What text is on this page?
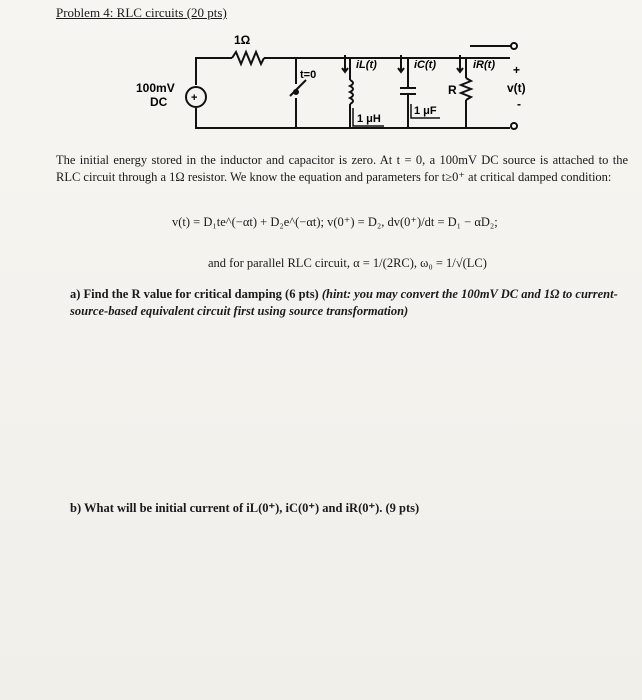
Problem 4: RLC circuits (20 pts)
+
1Ω
100mV
DC
t=0
iL(t)	iC(t)	iR(t)
R
+
-
v(t)
1 μH
1 μF
The initial energy stored in the inductor and capacitor is zero. At t = 0, a 100mV DC source is attached to the RLC circuit through a 1Ω resistor. We know the equation and parameters for t≥0⁺ at critical damped condition:
v(t) = D₁te^(−αt) + D₂e^(−αt); v(0⁺) = D₂, dv(0⁺)/dt = D₁ − αD₂;
and for parallel RLC circuit, α = 1/(2RC), ω₀ = 1/√(LC)
a) Find the R value for critical damping (6 pts) (hint: you may convert the 100mV DC and 1Ω to current-source-based equivalent circuit first using source transformation)
b) What will be initial current of iL(0⁺), iC(0⁺) and iR(0⁺). (9 pts)
